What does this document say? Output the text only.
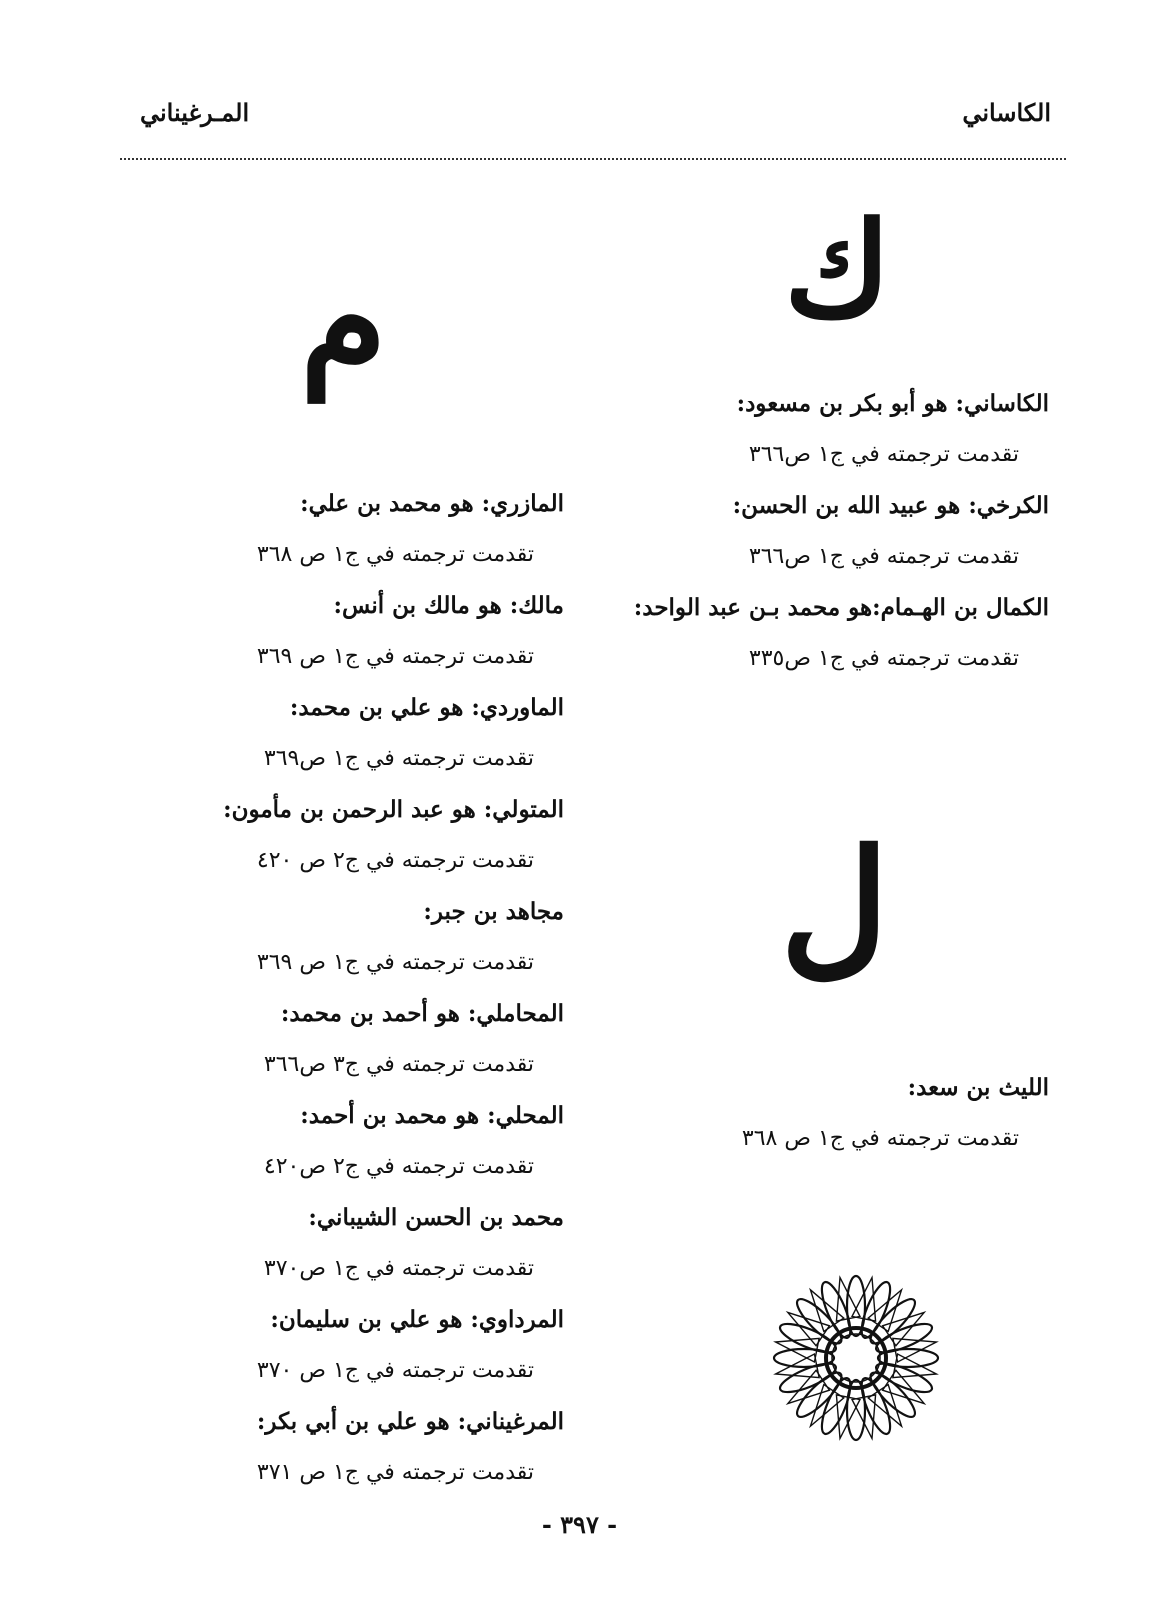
الكاساني
المـرغيناني
ك
م
ل
الكاساني: هو أبو بكر بن مسعود:
تقدمت ترجمته في ج١ ص٣٦٦
الكرخي: هو عبيد الله بن الحسن:
تقدمت ترجمته في ج١ ص٣٦٦
الكمال بن الهـمام:هو محمد بـن عبد الواحد:
تقدمت ترجمته في ج١ ص٣٣٥
الليث بن سعد:
تقدمت ترجمته في ج١ ص ٣٦٨
المازري: هو محمد بن علي:
تقدمت ترجمته في ج١ ص ٣٦٨
مالك: هو مالك بن أنس:
تقدمت ترجمته في ج١ ص ٣٦٩
الماوردي: هو علي بن محمد:
تقدمت ترجمته في ج١ ص٣٦٩
المتولي: هو عبد الرحمن بن مأمون:
تقدمت ترجمته في ج٢ ص ٤٢٠
مجاهد بن جبر:
تقدمت ترجمته في ج١ ص ٣٦٩
المحاملي: هو أحمد بن محمد:
تقدمت ترجمته في ج٣ ص٣٦٦
المحلي: هو محمد بن أحمد:
تقدمت ترجمته في ج٢ ص٤٢٠
محمد بن الحسن الشيباني:
تقدمت ترجمته في ج١ ص٣٧٠
المرداوي: هو علي بن سليمان:
تقدمت ترجمته في ج١ ص ٣٧٠
المرغيناني: هو علي بن أبي بكر:
تقدمت ترجمته في ج١ ص ٣٧١
- ٣٩٧ -
